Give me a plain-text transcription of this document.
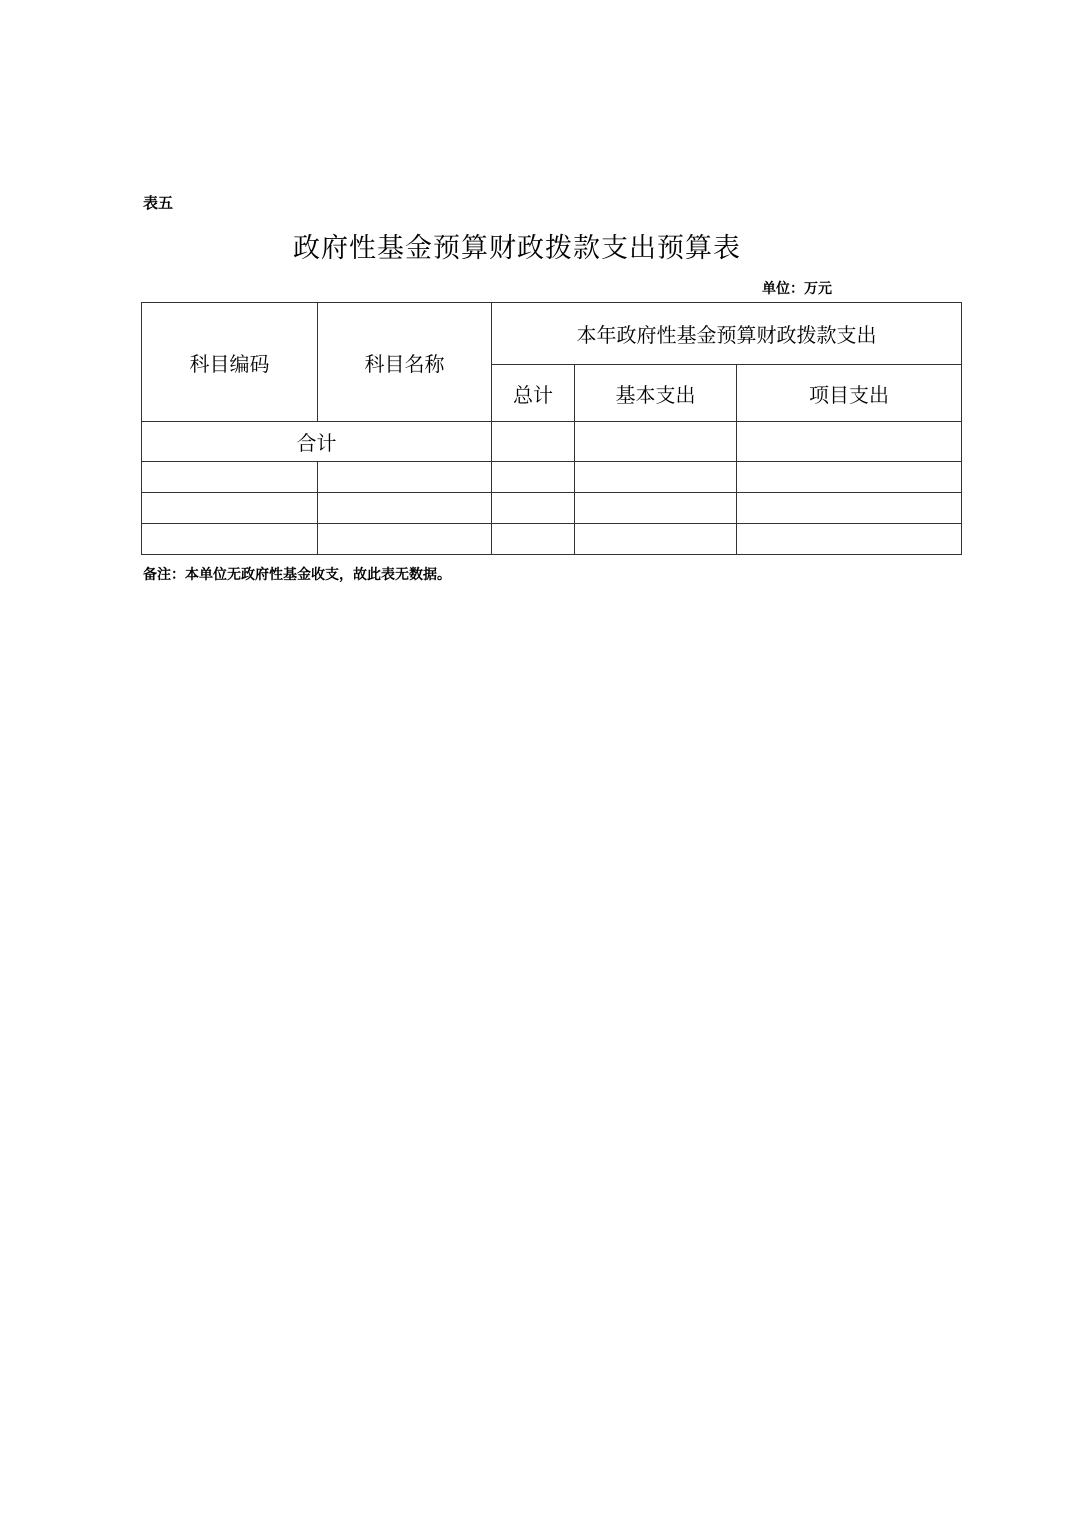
表五
政府性基金预算财政拨款支出预算表
单位：万元
科目编码	科目名称	本年政府性基金预算财政拨款支出		
		总计	基本支出	项目支出
合计				

备注：本单位无政府性基金收支，故此表无数据。
